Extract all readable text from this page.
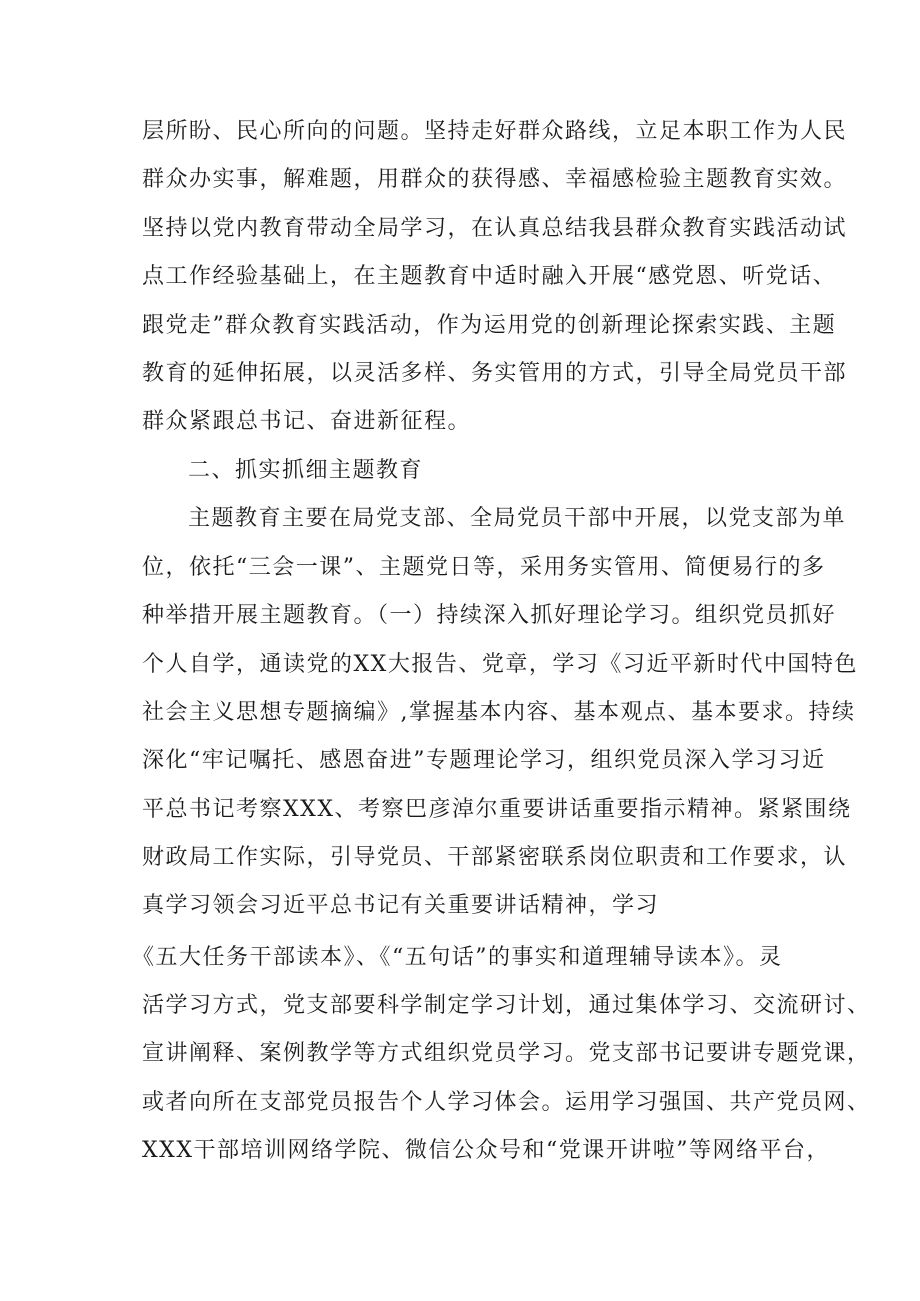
层所盼、民心所向的问题。坚持走好群众路线，立足本职工作为人民
群众办实事，解难题，用群众的获得感、幸福感检验主题教育实效。
坚持以党内教育带动全局学习，在认真总结我县群众教育实践活动试
点工作经验基础上，在主题教育中适时融入开展“感党恩、听党话、
跟党走”群众教育实践活动，作为运用党的创新理论探索实践、主题
教育的延伸拓展，以灵活多样、务实管用的方式，引导全局党员干部
群众紧跟总书记、奋进新征程。
二、抓实抓细主题教育
主题教育主要在局党支部、全局党员干部中开展，以党支部为单
位，依托“三会一课”、主题党日等，采用务实管用、简便易行的多
种举措开展主题教育。（一）持续深入抓好理论学习。组织党员抓好
个人自学，通读党的XX大报告、党章，学习《习近平新时代中国特色
社会主义思想专题摘编》,掌握基本内容、基本观点、基本要求。持续
深化“牢记嘱托、感恩奋进”专题理论学习，组织党员深入学习习近
平总书记考察XXX、考察巴彦淖尔重要讲话重要指示精神。紧紧围绕
财政局工作实际，引导党员、干部紧密联系岗位职责和工作要求，认
真学习领会习近平总书记有关重要讲话精神，学习
《五大任务干部读本》、《“五句话”的事实和道理辅导读本》。灵
活学习方式，党支部要科学制定学习计划，通过集体学习、交流研讨、
宣讲阐释、案例教学等方式组织党员学习。党支部书记要讲专题党课，
或者向所在支部党员报告个人学习体会。运用学习强国、共产党员网、
XXX干部培训网络学院、微信公众号和“党课开讲啦”等网络平台，
